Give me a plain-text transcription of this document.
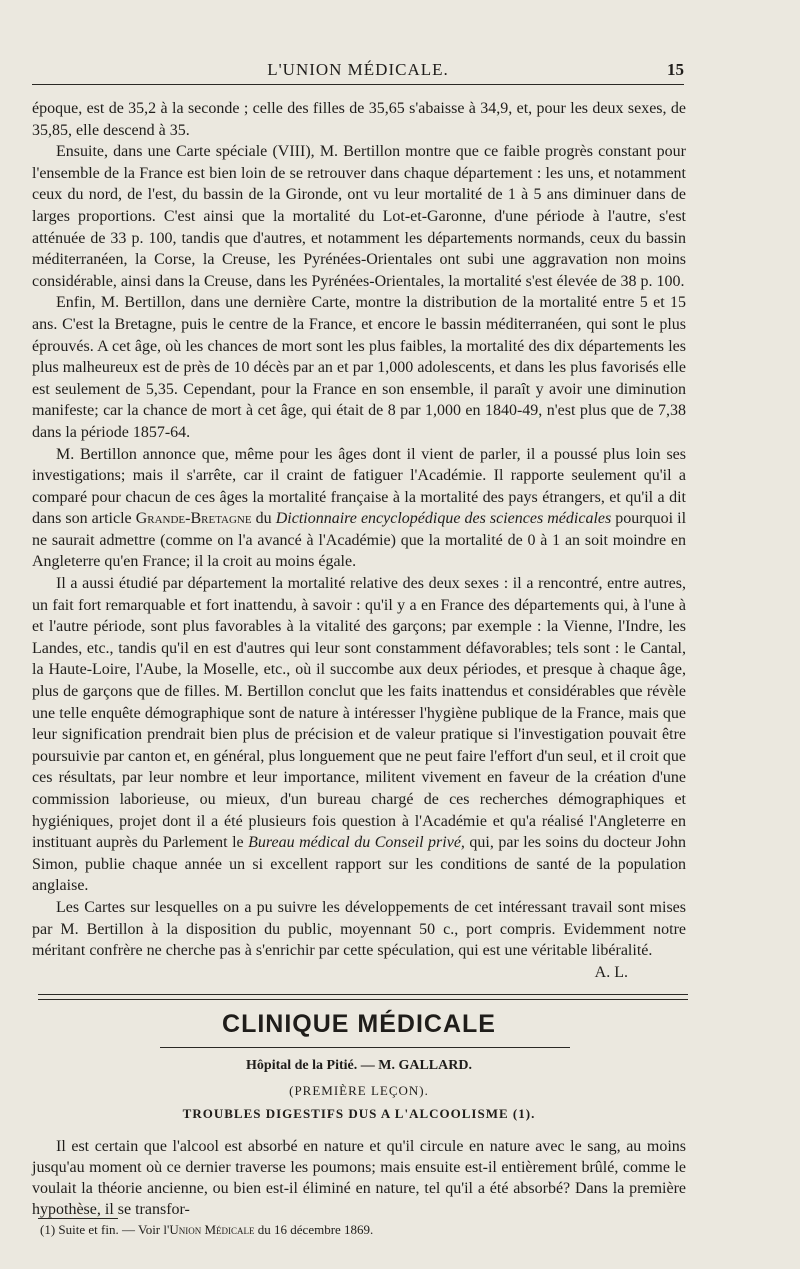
L'UNION MÉDICALE.	15

époque, est de 35,2 à la seconde ; celle des filles de 35,65 s'abaisse à 34,9, et, pour les deux sexes, de 35,85, elle descend à 35.

Ensuite, dans une Carte spéciale (VIII), M. Bertillon montre que ce faible progrès constant pour l'ensemble de la France est bien loin de se retrouver dans chaque département : les uns, et notamment ceux du nord, de l'est, du bassin de la Gironde, ont vu leur mortalité de 1 à 5 ans diminuer dans de larges proportions. C'est ainsi que la mortalité du Lot-et-Garonne, d'une période à l'autre, s'est atténuée de 33 p. 100, tandis que d'autres, et notamment les départements normands, ceux du bassin méditerranéen, la Corse, la Creuse, les Pyrénées-Orientales ont subi une aggravation non moins considérable, ainsi dans la Creuse, dans les Pyrénées-Orientales, la mortalité s'est élevée de 38 p. 100.

Enfin, M. Bertillon, dans une dernière Carte, montre la distribution de la mortalité entre 5 et 15 ans. C'est la Bretagne, puis le centre de la France, et encore le bassin méditerranéen, qui sont le plus éprouvés. A cet âge, où les chances de mort sont les plus faibles, la mortalité des dix départements les plus malheureux est de près de 10 décès par an et par 1,000 adolescents, et dans les plus favorisés elle est seulement de 5,35. Cependant, pour la France en son ensemble, il paraît y avoir une diminution manifeste; car la chance de mort à cet âge, qui était de 8 par 1,000 en 1840-49, n'est plus que de 7,38 dans la période 1857-64.

M. Bertillon annonce que, même pour les âges dont il vient de parler, il a poussé plus loin ses investigations; mais il s'arrête, car il craint de fatiguer l'Académie. Il rapporte seulement qu'il a comparé pour chacun de ces âges la mortalité française à la mortalité des pays étrangers, et qu'il a dit dans son article Grande-Bretagne du Dictionnaire encyclopédique des sciences médicales pourquoi il ne saurait admettre (comme on l'a avancé à l'Académie) que la mortalité de 0 à 1 an soit moindre en Angleterre qu'en France; il la croit au moins égale.

Il a aussi étudié par département la mortalité relative des deux sexes : il a rencontré, entre autres, un fait fort remarquable et fort inattendu, à savoir : qu'il y a en France des départements qui, à l'une à et l'autre période, sont plus favorables à la vitalité des garçons; par exemple : la Vienne, l'Indre, les Landes, etc., tandis qu'il en est d'autres qui leur sont constamment défavorables; tels sont : le Cantal, la Haute-Loire, l'Aube, la Moselle, etc., où il succombe aux deux périodes, et presque à chaque âge, plus de garçons que de filles. M. Bertillon conclut que les faits inattendus et considérables que révèle une telle enquête démographique sont de nature à intéresser l'hygiène publique de la France, mais que leur signification prendrait bien plus de précision et de valeur pratique si l'investigation pouvait être poursuivie par canton et, en général, plus longuement que ne peut faire l'effort d'un seul, et il croit que ces résultats, par leur nombre et leur importance, militent vivement en faveur de la création d'une commission laborieuse, ou mieux, d'un bureau chargé de ces recherches démographiques et hygiéniques, projet dont il a été plusieurs fois question à l'Académie et qu'a réalisé l'Angleterre en instituant auprès du Parlement le Bureau médical du Conseil privé, qui, par les soins du docteur John Simon, publie chaque année un si excellent rapport sur les conditions de santé de la population anglaise.

Les Cartes sur lesquelles on a pu suivre les développements de cet intéressant travail sont mises par M. Bertillon à la disposition du public, moyennant 50 c., port compris. Evidemment notre méritant confrère ne cherche pas à s'enrichir par cette spéculation, qui est une véritable libéralité.
A. L.

CLINIQUE MÉDICALE
Hôpital de la Pitié. — M. GALLARD.
(PREMIÈRE LEÇON).
TROUBLES DIGESTIFS DUS A L'ALCOOLISME (1).

Il est certain que l'alcool est absorbé en nature et qu'il circule en nature avec le sang, au moins jusqu'au moment où ce dernier traverse les poumons; mais ensuite est-il entièrement brûlé, comme le voulait la théorie ancienne, ou bien est-il éliminé en nature, tel qu'il a été absorbé? Dans la première hypothèse, il se transfor-

(1) Suite et fin. — Voir l'Union Médicale du 16 décembre 1869.
